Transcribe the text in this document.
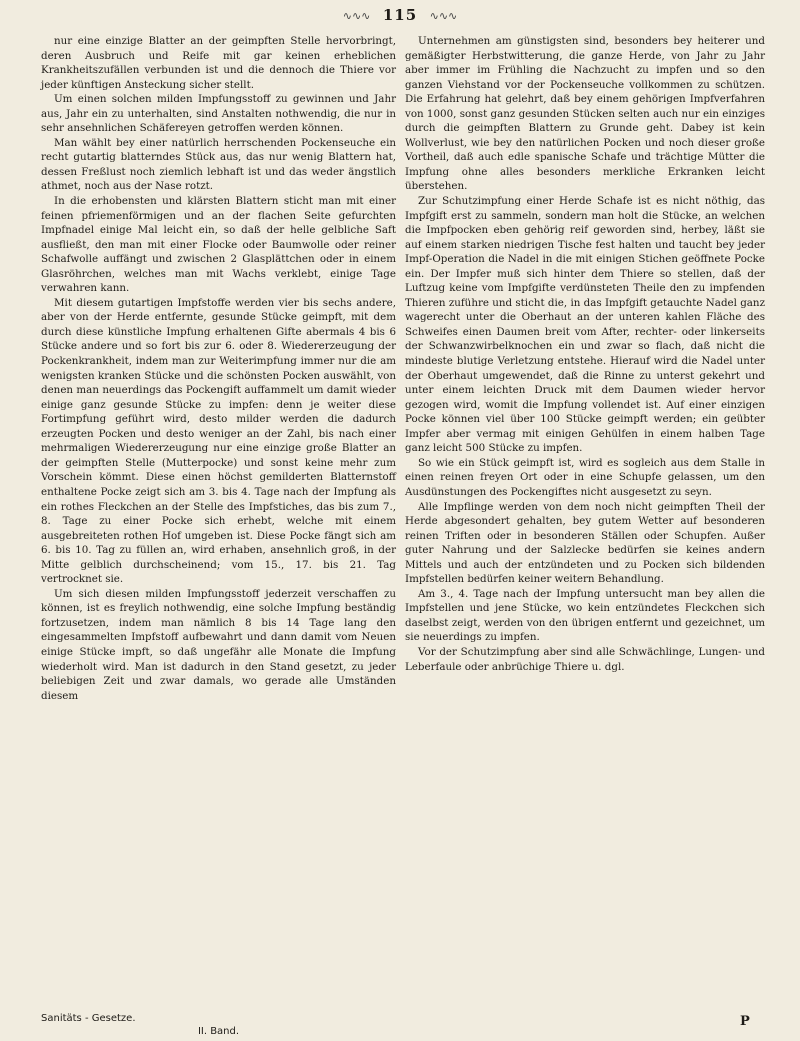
∿∿∿ 115 ∿∿∿

nur eine einzige Blatter an der geimpften Stelle hervorbringt, deren Ausbruch und Reife mit gar keinen erheblichen Krankheitszufällen verbunden ist und die dennoch die Thiere vor jeder künftigen Ansteckung sicher stellt.

Um einen solchen milden Impfungsstoff zu gewinnen und Jahr aus, Jahr ein zu unterhalten, sind Anstalten nothwendig, die nur in sehr ansehnlichen Schäfereyen getroffen werden können.

Man wählt bey einer natürlich herrschenden Pockenseuche ein recht gutartig blatterndes Stück aus, das nur wenig Blattern hat, dessen Freßlust noch ziemlich lebhaft ist und das weder ängstlich athmet, noch aus der Nase rotzt.

In die erhobensten und klärsten Blattern sticht man mit einer feinen pfriemenförmigen und an der flachen Seite gefurchten Impfnadel einige Mal leicht ein, so daß der helle gelbliche Saft ausfließt, den man mit einer Flocke oder Baumwolle oder reiner Schafwolle auffängt und zwischen 2 Glasplättchen oder in einem Glasröhrchen, welches man mit Wachs verklebt, einige Tage verwahren kann.

Mit diesem gutartigen Impfstoffe werden vier bis sechs andere, aber von der Herde entfernte, gesunde Stücke geimpft, mit dem durch diese künstliche Impfung erhaltenen Gifte abermals 4 bis 6 Stücke andere und so fort bis zur 6. oder 8. Wiedererzeugung der Pockenkrankheit, indem man zur Weiterimpfung immer nur die am wenigsten kranken Stücke und die schönsten Pocken auswählt, von denen man neuerdings das Pockengift auffammelt um damit wieder einige ganz gesunde Stücke zu impfen: denn je weiter diese Fortimpfung geführt wird, desto milder werden die dadurch erzeugten Pocken und desto weniger an der Zahl, bis nach einer mehrmaligen Wiedererzeugung nur eine einzige große Blatter an der geimpften Stelle (Mutterpocke) und sonst keine mehr zum Vorschein kömmt. Diese einen höchst gemilderten Blatternstoff enthaltene Pocke zeigt sich am 3. bis 4. Tage nach der Impfung als ein rothes Fleckchen an der Stelle des Impfstiches, das bis zum 7., 8. Tage zu einer Pocke sich erhebt, welche mit einem ausgebreiteten rothen Hof umgeben ist. Diese Pocke fängt sich am 6. bis 10. Tag zu füllen an, wird erhaben, ansehnlich groß, in der Mitte gelblich durchscheinend; vom 15., 17. bis 21. Tag vertrocknet sie.

Um sich diesen milden Impfungsstoff jederzeit verschaffen zu können, ist es freylich nothwendig, eine solche Impfung beständig fortzusetzen, indem man nämlich 8 bis 14 Tage lang den eingesammelten Impfstoff aufbewahrt und dann damit vom Neuen einige Stücke impft, so daß ungefähr alle Monate die Impfung wiederholt wird. Man ist dadurch in den Stand gesetzt, zu jeder beliebigen Zeit und zwar damals, wo gerade alle Umständen diesem

Unternehmen am günstigsten sind, besonders bey heiterer und gemäßigter Herbstwitterung, die ganze Herde, von Jahr zu Jahr aber immer im Frühling die Nachzucht zu impfen und so den ganzen Viehstand vor der Pockenseuche vollkommen zu schützen. Die Erfahrung hat gelehrt, daß bey einem gehörigen Impfverfahren von 1000, sonst ganz gesunden Stücken selten auch nur ein einziges durch die geimpften Blattern zu Grunde geht. Dabey ist kein Wollverlust, wie bey den natürlichen Pocken und noch dieser große Vortheil, daß auch edle spanische Schafe und trächtige Mütter die Impfung ohne alles besonders merkliche Erkranken leicht überstehen.

Zur Schutzimpfung einer Herde Schafe ist es nicht nöthig, das Impfgift erst zu sammeln, sondern man holt die Stücke, an welchen die Impfpocken eben gehörig reif geworden sind, herbey, läßt sie auf einem starken niedrigen Tische fest halten und taucht bey jeder Impf-Operation die Nadel in die mit einigen Stichen geöffnete Pocke ein. Der Impfer muß sich hinter dem Thiere so stellen, daß der Luftzug keine vom Impfgifte verdünsteten Theile den zu impfenden Thieren zuführe und sticht die, in das Impfgift getauchte Nadel ganz wagerecht unter die Oberhaut an der unteren kahlen Fläche des Schweifes einen Daumen breit vom After, rechter- oder linkerseits der Schwanzwirbelknochen ein und zwar so flach, daß nicht die mindeste blutige Verletzung entstehe. Hierauf wird die Nadel unter der Oberhaut umgewendet, daß die Rinne zu unterst gekehrt und unter einem leichten Druck mit dem Daumen wieder hervor gezogen wird, womit die Impfung vollendet ist. Auf einer einzigen Pocke können viel über 100 Stücke geimpft werden; ein geübter Impfer aber vermag mit einigen Gehülfen in einem halben Tage ganz leicht 500 Stücke zu impfen.

So wie ein Stück geimpft ist, wird es sogleich aus dem Stalle in einen reinen freyen Ort oder in eine Schupfe gelassen, um den Ausdünstungen des Pockengiftes nicht ausgesetzt zu seyn.

Alle Impflinge werden von dem noch nicht geimpften Theil der Herde abgesondert gehalten, bey gutem Wetter auf besonderen reinen Triften oder in besonderen Ställen oder Schupfen. Außer guter Nahrung und der Salzlecke bedürfen sie keines andern Mittels und auch der entzündeten und zu Pocken sich bildenden Impfstellen bedürfen keiner weitern Behandlung.

Am 3., 4. Tage nach der Impfung untersucht man bey allen die Impfstellen und jene Stücke, wo kein entzündetes Fleckchen sich daselbst zeigt, werden von den übrigen entfernt und gezeichnet, um sie neuerdings zu impfen.

Vor der Schutzimpfung aber sind alle Schwächlinge, Lungen- und Leberfaule oder anbrüchige Thiere u. dgl.

Sanitäts - Gesetze.
II. Band.
P
